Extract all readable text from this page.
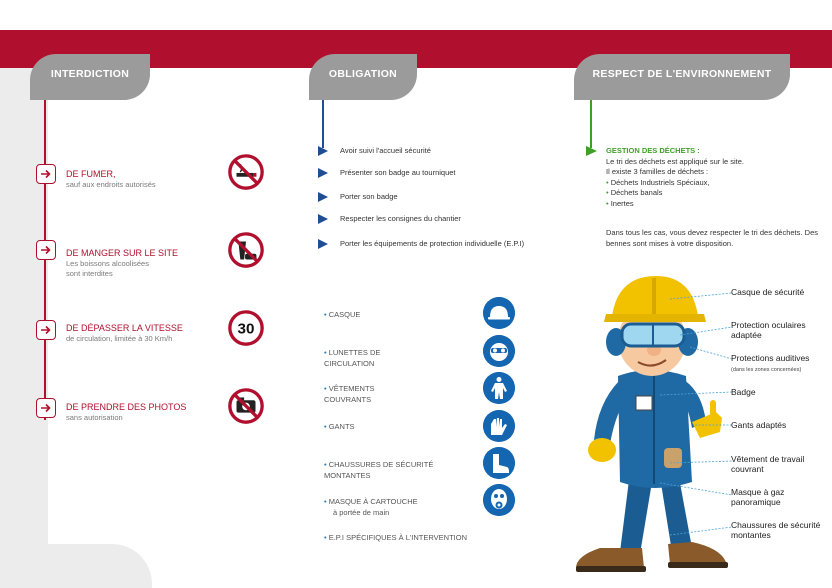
INTERDICTION	OBLIGATION	RESPECT DE L'ENVIRONNEMENT
DE FUMER,
sauf aux endroits autorisés
DE MANGER SUR LE SITE
Les boissons alcoolisées
sont interdites
DE DÉPASSER LA VITESSE
de circulation, limitée à 30 Km/h
30
DE PRENDRE DES PHOTOS
sans autorisation
Avoir suivi l'accueil sécurité
Présenter son badge au tourniquet
Porter son badge
Respecter les consignes du chantier
Porter les équipements de protection individuelle (E.P.I)
• CASQUE
• LUNETTES DE CIRCULATION
• VÊTEMENTS COUVRANTS
• GANTS
• CHAUSSURES DE SÉCURITÉ MONTANTES
• MASQUE À CARTOUCHE
à portée de main
• E.P.I SPÉCIFIQUES À L'INTERVENTION
GESTION DES DÉCHETS :
Le tri des déchets est appliqué sur le site.
Il existe 3 familles de déchets :
• Déchets Industriels Spéciaux,
• Déchets banals
• Inertes
Dans tous les cas, vous devez respecter le tri des déchets. Des bennes sont mises à votre disposition.
Casque de sécurité
Protection oculaires adaptée
Protections auditives
(dans les zones concernées)
Badge
Gants adaptés
Vêtement de travail couvrant
Masque à gaz panoramique
Chaussures de sécurité montantes
